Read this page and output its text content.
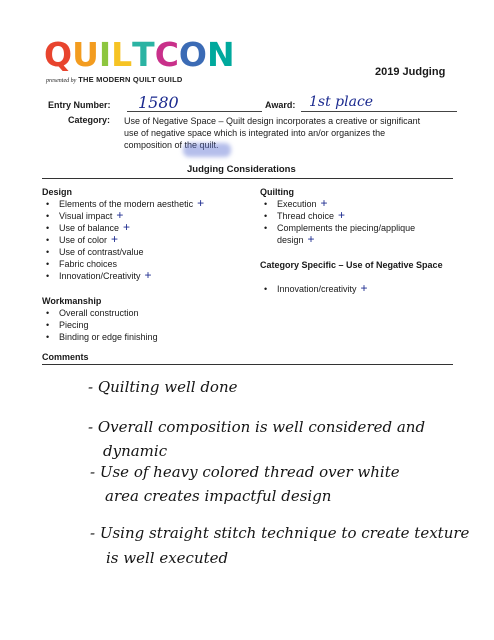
QUILTCON
presented by THE MODERN QUILT GUILD
2019 Judging
Entry Number: 1580	Award: 1st place
Category: Use of Negative Space – Quilt design incorporates a creative or significant use of negative space which is integrated into an/or organizes the composition of the quilt.
Judging Considerations
Design
• Elements of the modern aesthetic +
• Visual impact +
• Use of balance +
• Use of color +
• Use of contrast/value
• Fabric choices
• Innovation/Creativity +
Workmanship
• Overall construction
• Piecing
• Binding or edge finishing
Quilting
• Execution +
• Thread choice +
• Complements the piecing/applique
design +
Category Specific – Use of Negative Space
• Innovation/creativity +
Comments
- Quilting well done
- Overall composition is well considered and
dynamic
- Use of heavy colored thread over white
area creates impactful design
- Using straight stitch technique to create texture
is well executed
